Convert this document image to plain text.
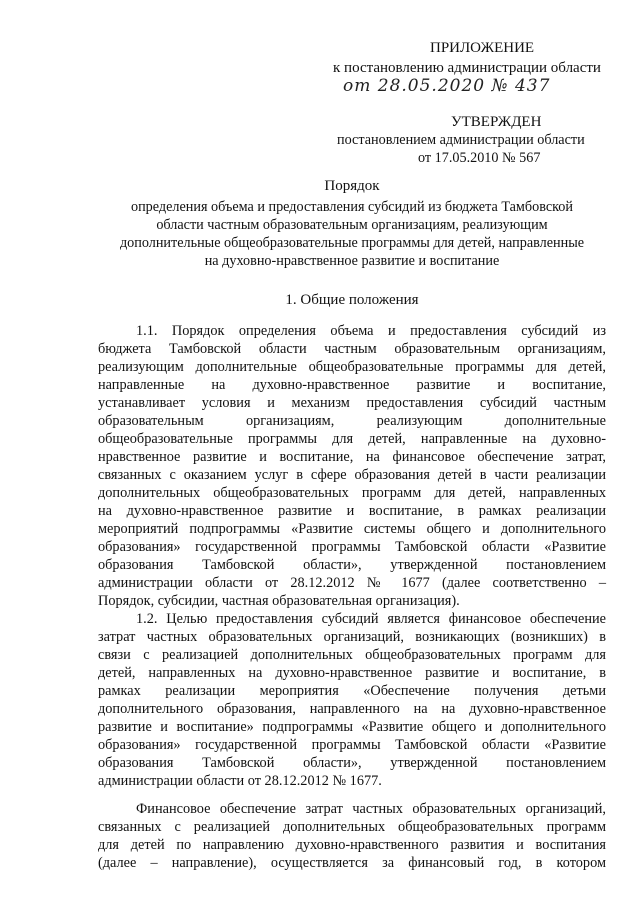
ПРИЛОЖЕНИЕ
к постановлению администрации области
от 28.05.2020 № 437
УТВЕРЖДЕН
постановлением администрации области
от 17.05.2010 № 567
Порядок
определения объема и предоставления субсидий из бюджета Тамбовской
области частным образовательным организациям, реализующим
дополнительные общеобразовательные программы для детей, направленные
на духовно-нравственное развитие и воспитание
1. Общие положения
1.1. Порядок определения объема и предоставления субсидий из
бюджета Тамбовской области частным образовательным организациям,
реализующим дополнительные общеобразовательные программы для детей,
направленные на духовно-нравственное развитие и воспитание,
устанавливает условия и механизм предоставления субсидий частным
образовательным организациям, реализующим дополнительные
общеобразовательные программы для детей, направленные на духовно-
нравственное развитие и воспитание, на финансовое обеспечение затрат,
связанных с оказанием услуг в сфере образования детей в части реализации
дополнительных общеобразовательных программ для детей, направленных
на духовно-нравственное развитие и воспитание, в рамках реализации
мероприятий подпрограммы «Развитие системы общего и дополнительного
образования» государственной программы Тамбовской области «Развитие
образования Тамбовской области», утвержденной постановлением
администрации области от 28.12.2012 № 1677 (далее соответственно –
Порядок, субсидии, частная образовательная организация).
1.2. Целью предоставления субсидий является финансовое обеспечение
затрат частных образовательных организаций, возникающих (возникших) в
связи с реализацией дополнительных общеобразовательных программ для
детей, направленных на духовно-нравственное развитие и воспитание, в
рамках реализации мероприятия «Обеспечение получения детьми
дополнительного образования, направленного на на духовно-нравственное
развитие и воспитание» подпрограммы «Развитие общего и дополнительного
образования» государственной программы Тамбовской области «Развитие
образования Тамбовской области», утвержденной постановлением
администрации области от 28.12.2012 № 1677.
Финансовое обеспечение затрат частных образовательных организаций,
связанных с реализацией дополнительных общеобразовательных программ
для детей по направлению духовно-нравственного развития и воспитания
(далее – направление), осуществляется за финансовый год, в котором
